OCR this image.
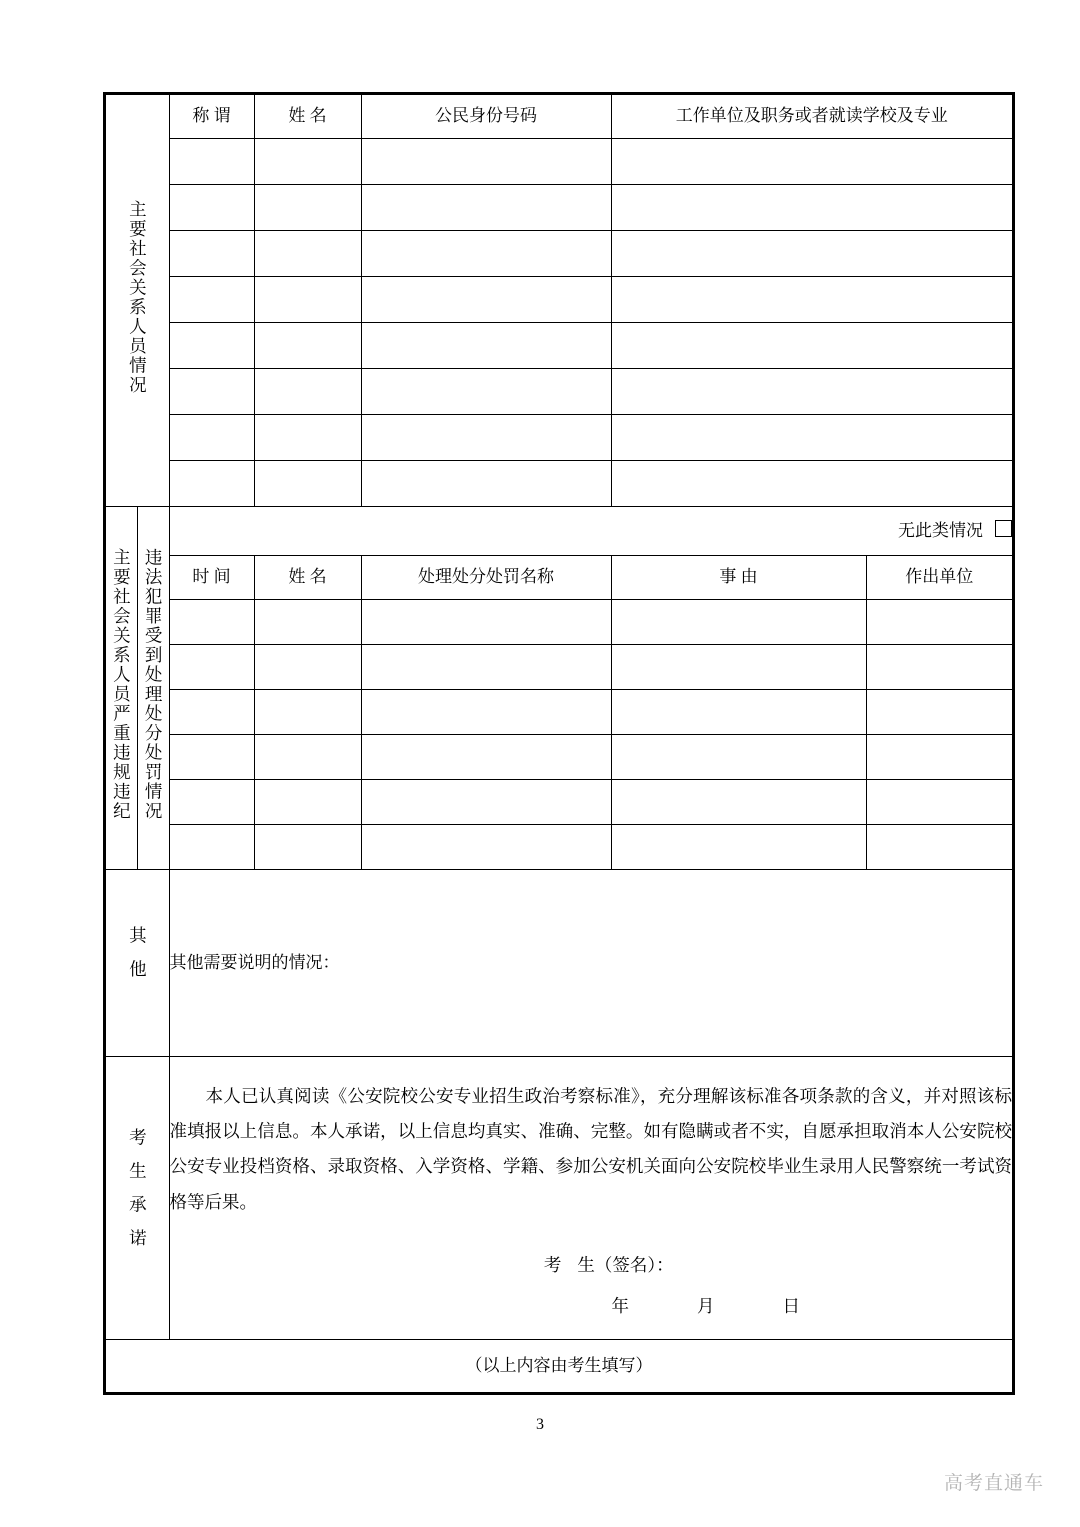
主要社会关系人员情况		称 谓	姓 名	公民身份号码	工作单位及职务或者就读学校及专业	

主要社会关系人员严重违规违纪	违法犯罪受到处理处分处罚情况	无此类情况				
		时 间	姓 名	处理处分处罚名称	事 由	作出单位

其他		其他需要说明的情况：				
考生承诺		本人已认真阅读《公安院校公安专业招生政治考察标准》，充分理解该标准各项条款的含义，并对照该标准填报以上信息。本人承诺，以上信息均真实、准确、完整。如有隐瞒或者不实，自愿承担取消本人公安院校公安专业投档资格、录取资格、入学资格、学籍、参加公安机关面向公安院校毕业生录用人民警察统一考试资格等后果。

考生（签名）：
年 月 日				

（以上内容由考生填写）						
3
高考直通车
